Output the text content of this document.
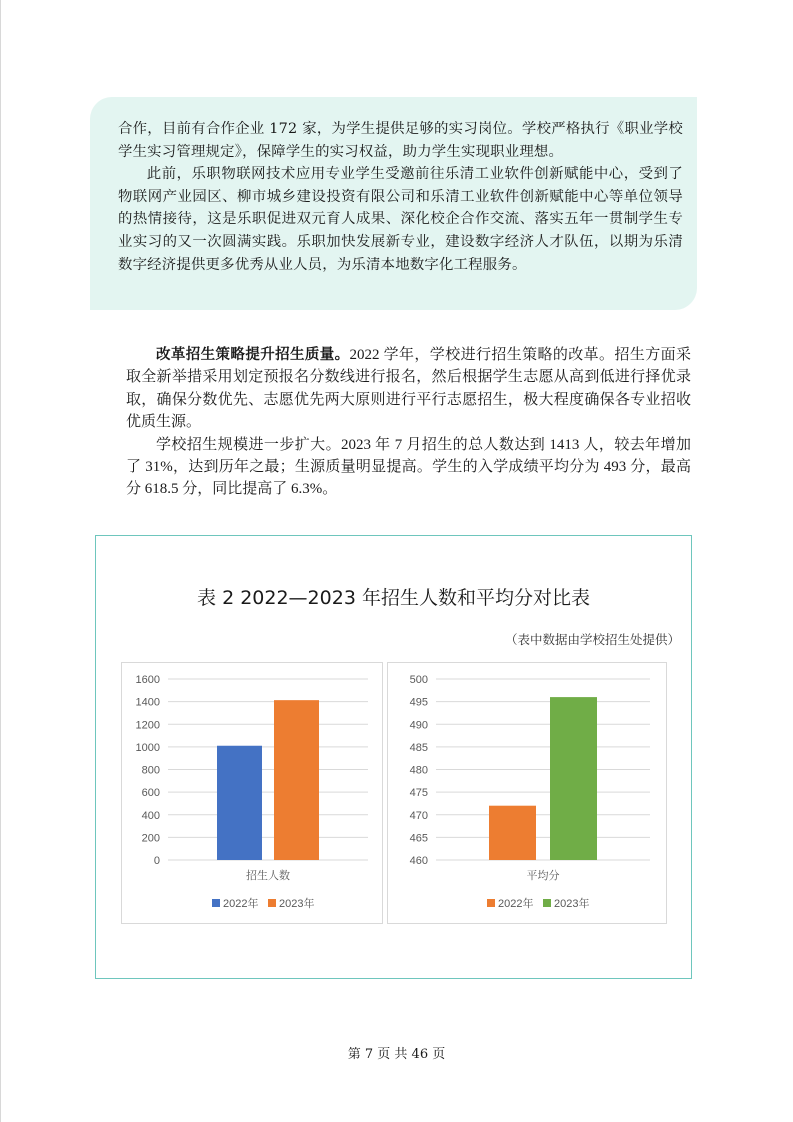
合作，目前有合作企业 172 家，为学生提供足够的实习岗位。学校严格执行《职业学校学生实习管理规定》，保障学生的实习权益，助力学生实现职业理想。

此前，乐职物联网技术应用专业学生受邀前往乐清工业软件创新赋能中心，受到了物联网产业园区、柳市城乡建设投资有限公司和乐清工业软件创新赋能中心等单位领导的热情接待，这是乐职促进双元育人成果、深化校企合作交流、落实五年一贯制学生专业实习的又一次圆满实践。乐职加快发展新专业，建设数字经济人才队伍，以期为乐清数字经济提供更多优秀从业人员，为乐清本地数字化工程服务。

改革招生策略提升招生质量。2022 学年，学校进行招生策略的改革。招生方面采取全新举措采用划定预报名分数线进行报名，然后根据学生志愿从高到低进行择优录取，确保分数优先、志愿优先两大原则进行平行志愿招生，极大程度确保各专业招收优质生源。

学校招生规模进一步扩大。2023 年 7 月招生的总人数达到 1413 人，较去年增加了 31%，达到历年之最；生源质量明显提高。学生的入学成绩平均分为 493 分，最高分 618.5 分，同比提高了 6.3%。

表 2 2022—2023 年招生人数和平均分对比表
（表中数据由学校招生处提供）
0
200
400
600
800
1000
1200
1400
1600
招生人数
2022年 2023年
460
465
470
475
480
485
490
495
500
平均分
2022年 2023年
第 7 页 共 46 页
